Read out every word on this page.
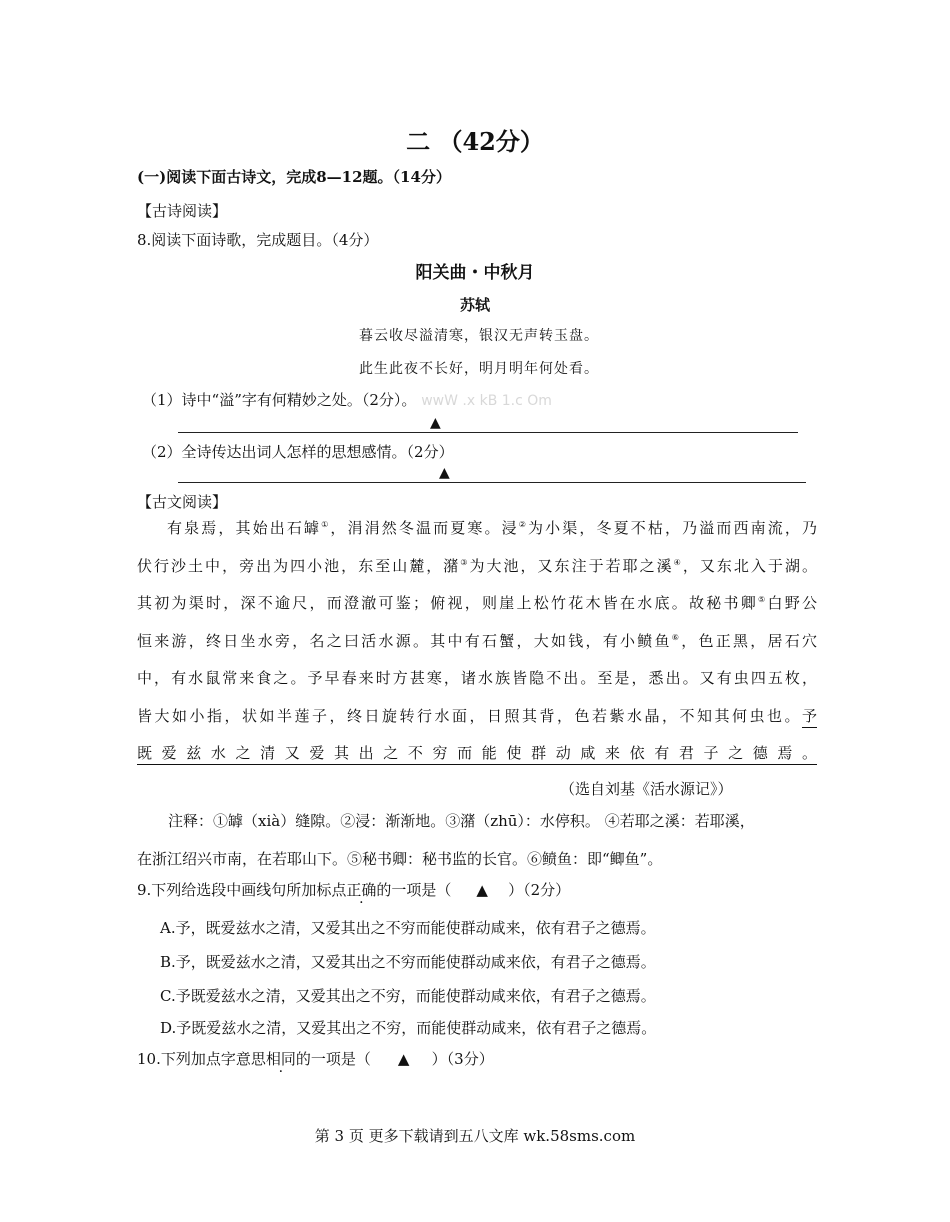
二 （42分）
(一)阅读下面古诗文，完成8—12题。（14分）
【古诗阅读】
8.阅读下面诗歌，完成题目。（4分）
阳关曲・中秋月
苏轼
暮云收尽溢清寒，银汉无声转玉盘。
此生此夜不长好，明月明年何处看。
（1）诗中“溢”字有何精妙之处。（2分）。 wwW .x kB 1.c Om
▲
（2）全诗传达出词人怎样的思想感情。（2分）
▲
【古文阅读】
有泉焉，其始出石罅①，涓涓然冬温而夏寒。浸②为小渠，冬夏不枯，乃溢而西南流，乃
伏行沙土中，旁出为四小池，东至山麓，潴③为大池，又东注于若耶之溪④，又东北入于湖。
其初为渠时，深不逾尺，而澄澈可鉴；俯视，则崖上松竹花木皆在水底。故秘书卿⑤白野公
恒来游，终日坐水旁，名之曰活水源。其中有石蟹，大如钱，有小鲼鱼⑥，色正黑，居石穴
中，有水鼠常来食之。予早春来时方甚寒，诸水族皆隐不出。至是，悉出。又有虫四五枚，
皆大如小指，状如半莲子，终日旋转行水面，日照其背，色若紫水晶，不知其何虫也。予
既爱兹水之清又爱其出之不穷而能使群动咸来依有君子之德焉。
（选自刘基《活水源记》）
注释：①罅（xià）缝隙。②浸：渐渐地。③潴（zhū）：水停积。 ④若耶之溪：若耶溪，
在浙江绍兴市南，在若耶山下。⑤秘书卿：秘书监的长官。⑥鲼鱼：即“鲫鱼”。
9.下列给选段中画线句所加标点正确的一项是（ ▲ ）（2分）
A.予，既爱兹水之清，又爱其出之不穷而能使群动咸来，依有君子之德焉。
B.予，既爱兹水之清，又爱其出之不穷而能使群动咸来依，有君子之德焉。
C.予既爱兹水之清，又爱其出之不穷，而能使群动咸来依，有君子之德焉。
D.予既爱兹水之清，又爱其出之不穷，而能使群动咸来，依有君子之德焉。
10.下列加点字意思相同的一项是（ ▲ ）（3分）
第 3 页 更多下载请到五八文库 wk.58sms.com
